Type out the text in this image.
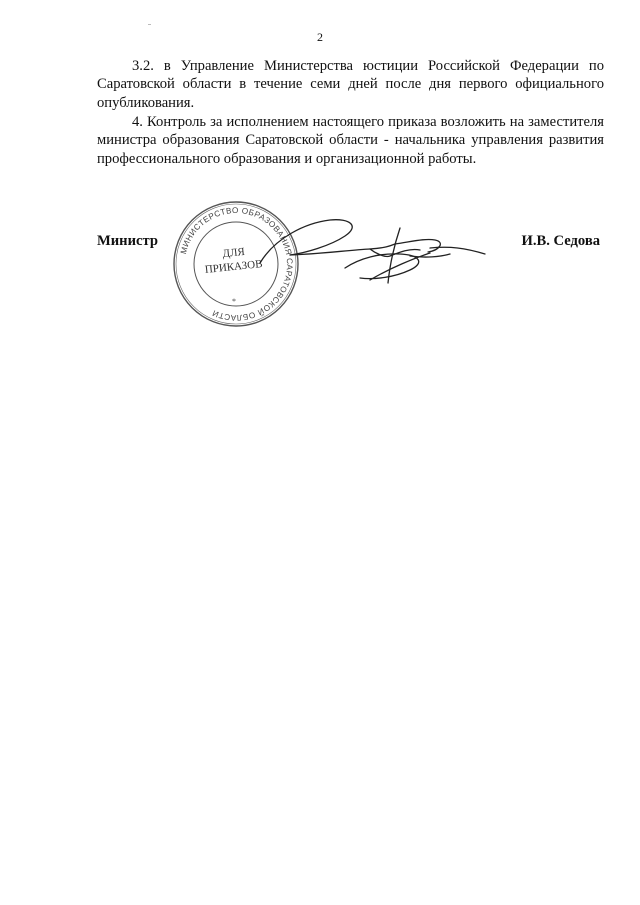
2

3.2. в Управление Министерства юстиции Российской Федерации по Саратовской области в течение семи дней после дня первого официального опубликования.

4. Контроль за исполнением настоящего приказа возложить на заместителя министра образования Саратовской области - начальника управления развития профессионального образования и организационной работы.

Министр	И.В. Седова
МИНИСТЕРСТВО ОБРАЗОВАНИЯ САРАТОВСКОЙ ОБЛАСТИ
ДЛЯ
ПРИКАЗОВ
*
